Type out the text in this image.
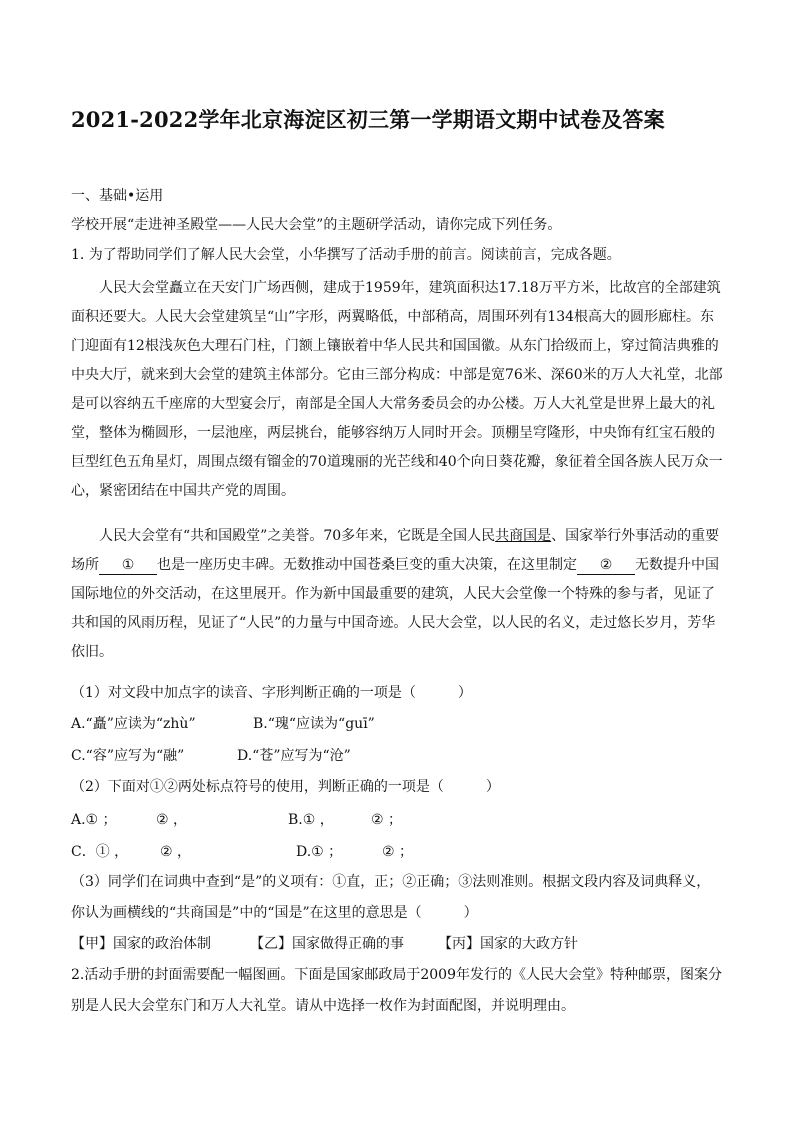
2021-2022学年北京海淀区初三第一学期语文期中试卷及答案
一、基础•运用
学校开展“走进神圣殿堂——人民大会堂”的主题研学活动，请你完成下列任务。
1. 为了帮助同学们了解人民大会堂，小华撰写了活动手册的前言。阅读前言，完成各题。

人民大会堂矗立在天安门广场西侧，建成于1959年，建筑面积达17.18万平方米，比故宫的全部建筑面积还要大。人民大会堂建筑呈“山”字形，两翼略低，中部稍高，周围环列有134根高大的圆形廊柱。东门迎面有12根浅灰色大理石门柱，门额上镶嵌着中华人民共和国国徽。从东门拾级而上，穿过简洁典雅的中央大厅，就来到大会堂的建筑主体部分。它由三部分构成：中部是宽76米、深60米的万人大礼堂，北部是可以容纳五千座席的大型宴会厅，南部是全国人大常务委员会的办公楼。万人大礼堂是世界上最大的礼堂，整体为椭圆形，一层池座，两层挑台，能够容纳万人同时开会。顶棚呈穹隆形，中央饰有红宝石般的巨型红色五角星灯，周围点缀有镏金的70道瑰丽的光芒线和40个向日葵花瓣，象征着全国各族人民万众一心，紧密团结在中国共产党的周围。

人民大会堂有“共和国殿堂”之美誉。70多年来，它既是全国人民共商国是、国家举行外事活动的重要场所 ① 也是一座历史丰碑。无数推动中国苍桑巨变的重大决策，在这里制定 ② 无数提升中国国际地位的外交活动，在这里展开。作为新中国最重要的建筑，人民大会堂像一个特殊的参与者，见证了共和国的风雨历程，见证了“人民”的力量与中国奇迹。人民大会堂，以人民的名义，走过悠长岁月，芳华依旧。

（1）对文段中加点字的读音、字形判断正确的一项是（　　　）
A.“矗”应读为“zhù”	B.“瑰“应读为“guī”
C.“容”应写为“融”	D.“苍”应写为“沧”
（2）下面对①②两处标点符号的使用，判断正确的一项是（　　　）
A.① ；	② ，	B.① ，	② ；
C．① ， ② ，	D.① ；	② ；
（3）同学们在词典中查到“是”的义项有：①直，正；②正确；③法则准则。根据文段内容及词典释义，
你认为画横线的“共商国是”中的“国是”在这里的意思是（　　　）
【甲】国家的政治体制	【乙】国家做得正确的事 【丙】国家的大政方针
2.活动手册的封面需要配一幅图画。下面是国家邮政局于2009年发行的《人民大会堂》特种邮票，图案分
别是人民大会堂东门和万人大礼堂。请从中选择一枚作为封面配图，并说明理由。
